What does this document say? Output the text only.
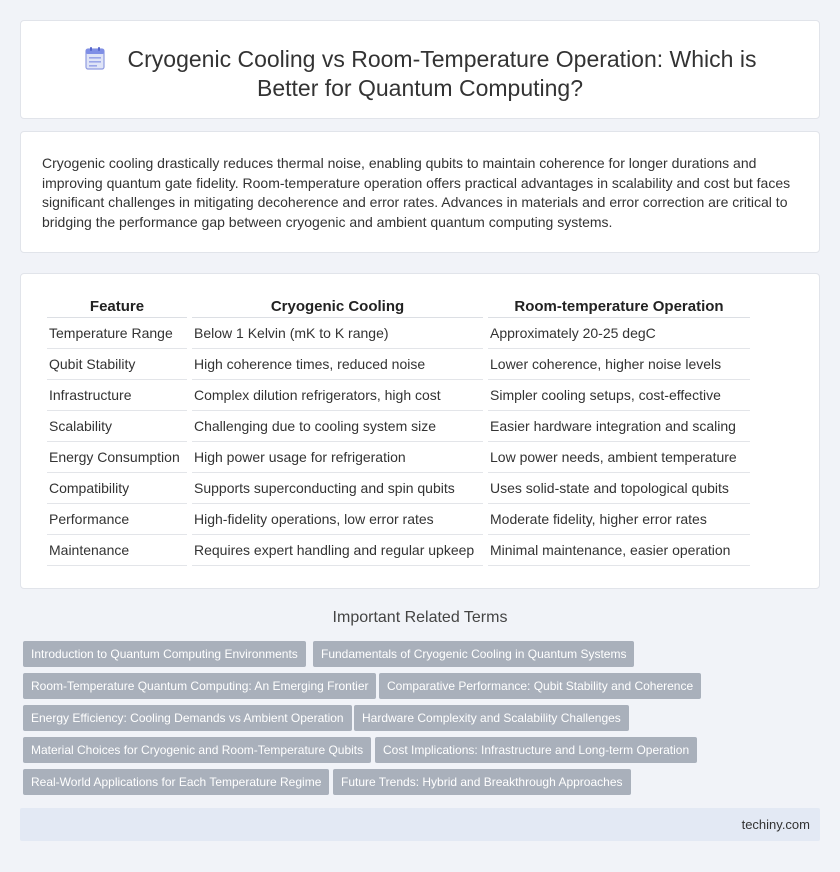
Cryogenic Cooling vs Room-Temperature Operation: Which is
Better for Quantum Computing?

Cryogenic cooling drastically reduces thermal noise, enabling qubits to maintain coherence for longer durations and improving quantum gate fidelity. Room-temperature operation offers practical advantages in scalability and cost but faces significant challenges in mitigating decoherence and error rates. Advances in materials and error correction are critical to bridging the performance gap between cryogenic and ambient quantum computing systems.

Feature	Cryogenic Cooling	Room-temperature Operation
Temperature Range	Below 1 Kelvin (mK to K range)	Approximately 20-25 degC
Qubit Stability	High coherence times, reduced noise	Lower coherence, higher noise levels
Infrastructure	Complex dilution refrigerators, high cost	Simpler cooling setups, cost-effective
Scalability	Challenging due to cooling system size	Easier hardware integration and scaling
Energy Consumption	High power usage for refrigeration	Low power needs, ambient temperature
Compatibility	Supports superconducting and spin qubits	Uses solid-state and topological qubits
Performance	High-fidelity operations, low error rates	Moderate fidelity, higher error rates
Maintenance	Requires expert handling and regular upkeep	Minimal maintenance, easier operation
Important Related Terms
Introduction to Quantum Computing Environments	Fundamentals of Cryogenic Cooling in Quantum Systems
Room-Temperature Quantum Computing: An Emerging Frontier	Comparative Performance: Qubit Stability and Coherence
Energy Efficiency: Cooling Demands vs Ambient Operation	Hardware Complexity and Scalability Challenges
Material Choices for Cryogenic and Room-Temperature Qubits	Cost Implications: Infrastructure and Long-term Operation
Real-World Applications for Each Temperature Regime	Future Trends: Hybrid and Breakthrough Approaches
techiny.com
